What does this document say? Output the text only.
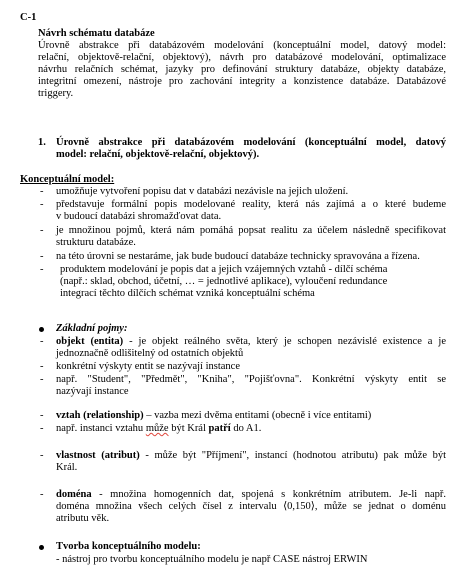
C-1
Návrh schématu databáze
Úrovně abstrakce při databázovém modelování (konceptuální model, datový model:
relační, objektově-relační, objektový), návrh pro databázové modelování, optimalizace
návrhu relačních schémat, jazyky pro definování struktury databáze, objekty databáze,
integritní omezení, nástroje pro zachování integrity a konzistence databáze. Databázové
triggery.
1. Úrovně abstrakce při databázovém modelování (konceptuální model, datový
model: relační, objektově-relační, objektový).
Konceptuální model:
- umožňuje vytvoření popisu dat v databázi nezávisle na jejich uložení.
- představuje formální popis modelované reality, která nás zajímá a o které budeme
v budoucí databázi shromažďovat data.
- je množinou pojmů, která nám pomáhá popsat realitu za účelem následně specifikovat
strukturu databáze.
- na této úrovni se nestaráme, jak bude budoucí databáze technicky spravována a řízena.
- produktem modelování je popis dat a jejich vzájemných vztahů - dílčí schéma
(např.: sklad, obchod, účetní, … = jednotlivé aplikace), vyloučení redundance
integrací těchto dílčích schémat vzniká konceptuální schéma
Základní pojmy:
- objekt (entita) - je objekt reálného světa, který je schopen nezávislé existence a je
jednoznačně odlišitelný od ostatních objektů
- konkrétní výskyty entit se nazývají instance
- např. "Student", "Předmět", "Kniha", "Pojišťovna". Konkrétní výskyty entit se
nazývají instance
- vztah (relationship) – vazba mezi dvěma entitami (obecně i více entitami)
- např. instanci vztahu může být Král patří do A1.
- vlastnost (atribut) - může být "Příjmení", instancí (hodnotou atributu) pak může být
Král.
- doména - množina homogenních dat, spojená s konkrétním atributem. Je-li např.
doména množina všech celých čísel z intervalu ⟨0,150⟩, může se jednat o doménu
atributu věk.
Tvorba konceptuálního modelu:
- nástroj pro tvorbu konceptuálního modelu je např CASE nástroj ERWIN
